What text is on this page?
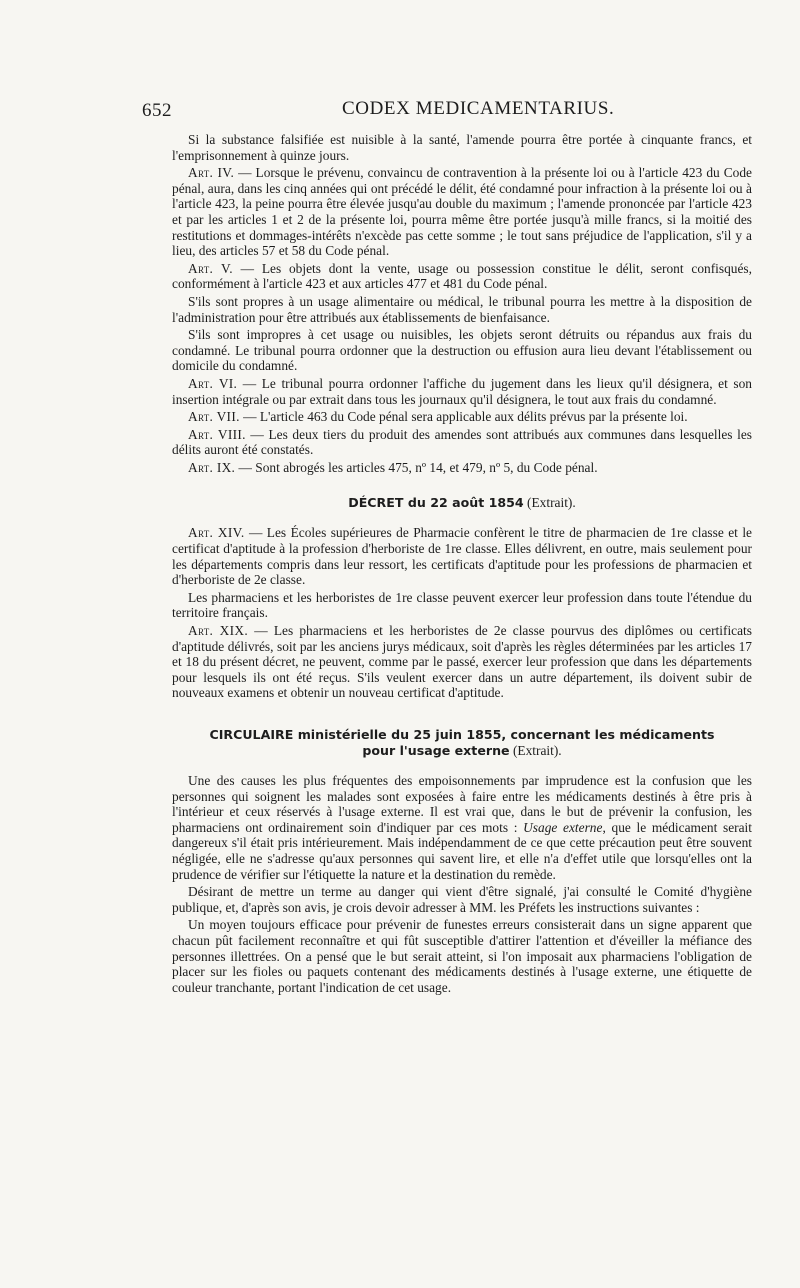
652	CODEX MEDICAMENTARIUS.

Si la substance falsifiée est nuisible à la santé, l'amende pourra être portée à cinquante francs, et l'emprisonnement à quinze jours.

Art. IV. — Lorsque le prévenu, convaincu de contravention à la présente loi ou à l'article 423 du Code pénal, aura, dans les cinq années qui ont précédé le délit, été condamné pour infraction à la présente loi ou à l'article 423, la peine pourra être élevée jusqu'au double du maximum ; l'amende prononcée par l'article 423 et par les articles 1 et 2 de la présente loi, pourra même être portée jusqu'à mille francs, si la moitié des restitutions et dommages-intérêts n'excède pas cette somme ; le tout sans préjudice de l'application, s'il y a lieu, des articles 57 et 58 du Code pénal.

Art. V. — Les objets dont la vente, usage ou possession constitue le délit, seront confisqués, conformément à l'article 423 et aux articles 477 et 481 du Code pénal.

S'ils sont propres à un usage alimentaire ou médical, le tribunal pourra les mettre à la disposition de l'administration pour être attribués aux établissements de bienfaisance.

S'ils sont impropres à cet usage ou nuisibles, les objets seront détruits ou répandus aux frais du condamné. Le tribunal pourra ordonner que la destruction ou effusion aura lieu devant l'établissement ou domicile du condamné.

Art. VI. — Le tribunal pourra ordonner l'affiche du jugement dans les lieux qu'il désignera, et son insertion intégrale ou par extrait dans tous les journaux qu'il désignera, le tout aux frais du condamné.

Art. VII. — L'article 463 du Code pénal sera applicable aux délits prévus par la présente loi.

Art. VIII. — Les deux tiers du produit des amendes sont attribués aux communes dans lesquelles les délits auront été constatés.

Art. IX. — Sont abrogés les articles 475, nº 14, et 479, nº 5, du Code pénal.

DÉCRET du 22 août 1854 (Extrait).

Art. XIV. — Les Écoles supérieures de Pharmacie confèrent le titre de pharmacien de 1re classe et le certificat d'aptitude à la profession d'herboriste de 1re classe. Elles délivrent, en outre, mais seulement pour les départements compris dans leur ressort, les certificats d'aptitude pour les professions de pharmacien et d'herboriste de 2e classe.

Les pharmaciens et les herboristes de 1re classe peuvent exercer leur profession dans toute l'étendue du territoire français.

Art. XIX. — Les pharmaciens et les herboristes de 2e classe pourvus des diplômes ou certificats d'aptitude délivrés, soit par les anciens jurys médicaux, soit d'après les règles déterminées par les articles 17 et 18 du présent décret, ne peuvent, comme par le passé, exercer leur profession que dans les départements pour lesquels ils ont été reçus. S'ils veulent exercer dans un autre département, ils doivent subir de nouveaux examens et obtenir un nouveau certificat d'aptitude.

CIRCULAIRE ministérielle du 25 juin 1855, concernant les médicaments
pour l'usage externe (Extrait).

Une des causes les plus fréquentes des empoisonnements par imprudence est la confusion que les personnes qui soignent les malades sont exposées à faire entre les médicaments destinés à être pris à l'intérieur et ceux réservés à l'usage externe. Il est vrai que, dans le but de prévenir la confusion, les pharmaciens ont ordinairement soin d'indiquer par ces mots : Usage externe, que le médicament serait dangereux s'il était pris intérieurement. Mais indépendamment de ce que cette précaution peut être souvent négligée, elle ne s'adresse qu'aux personnes qui savent lire, et elle n'a d'effet utile que lorsqu'elles ont la prudence de vérifier sur l'étiquette la nature et la destination du remède.

Désirant de mettre un terme au danger qui vient d'être signalé, j'ai consulté le Comité d'hygiène publique, et, d'après son avis, je crois devoir adresser à MM. les Préfets les instructions suivantes :

Un moyen toujours efficace pour prévenir de funestes erreurs consisterait dans un signe apparent que chacun pût facilement reconnaître et qui fût susceptible d'attirer l'attention et d'éveiller la méfiance des personnes illettrées. On a pensé que le but serait atteint, si l'on imposait aux pharmaciens l'obligation de placer sur les fioles ou paquets contenant des médicaments destinés à l'usage externe, une étiquette de couleur tranchante, portant l'indication de cet usage.
